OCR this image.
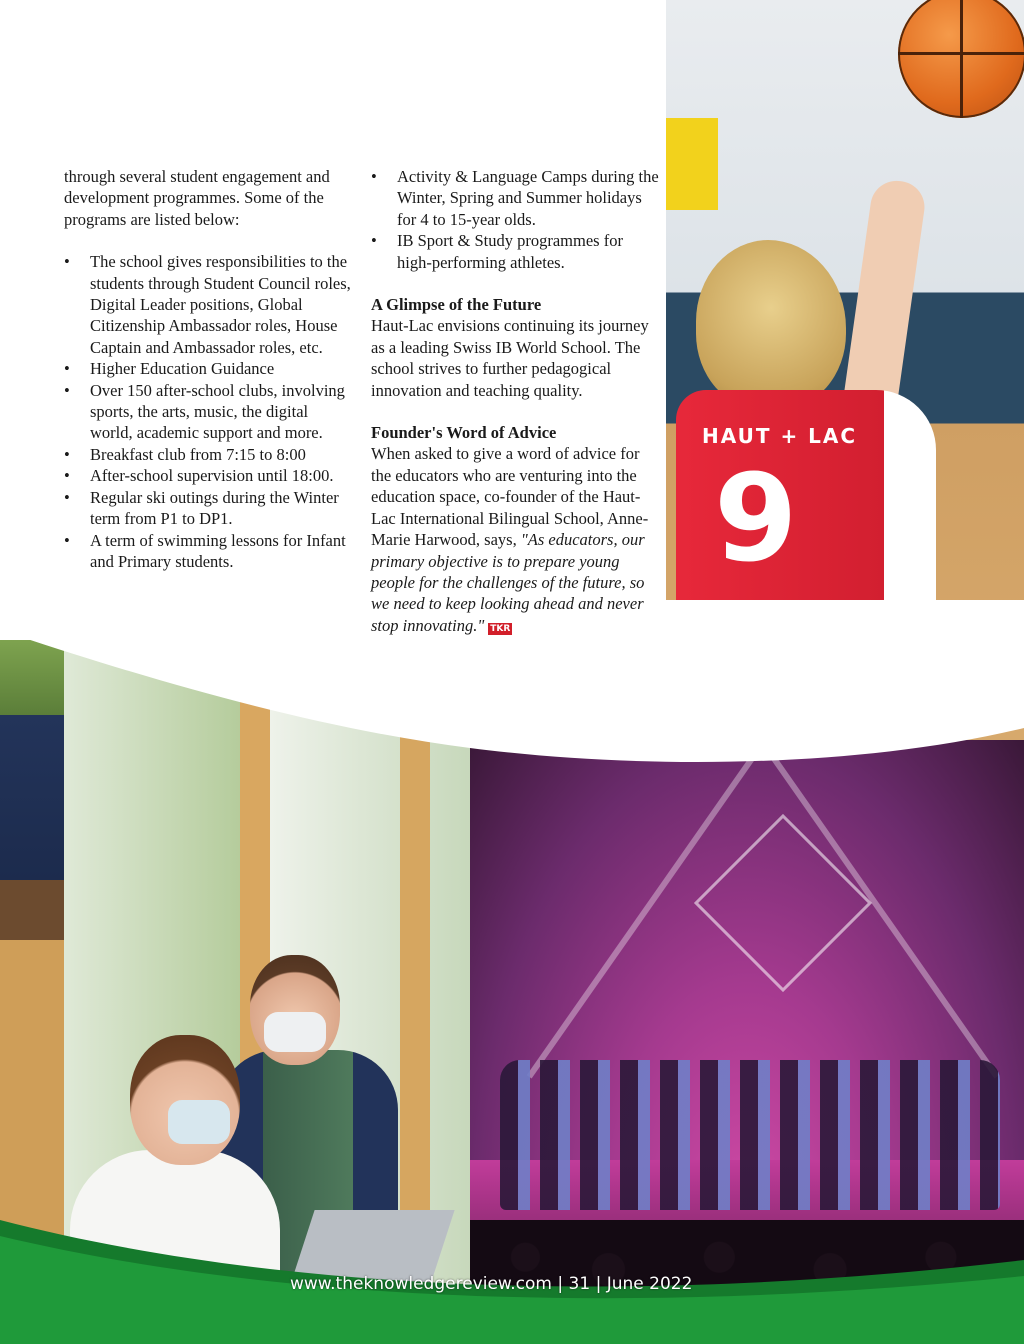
HAUT + LAC
9

through several student engagement and development programmes. Some of the programs are listed below:

• The school gives responsibilities to the students through Student Council roles, Digital Leader positions, Global Citizenship Ambassador roles, House Captain and Ambassador roles, etc.
• Higher Education Guidance
• Over 150 after-school clubs, involving sports, the arts, music, the digital world, academic support and more.
• Breakfast club from 7:15 to 8:00
• After-school supervision until 18:00.
• Regular ski outings during the Winter term from P1 to DP1.
• A term of swimming lessons for Infant and Primary students.
• Activity & Language Camps during the Winter, Spring and Summer holidays for 4 to 15-year olds.
• IB Sport & Study programmes for high-performing athletes.

A Glimpse of the Future

Haut-Lac envisions continuing its journey as a leading Swiss IB World School. The school strives to further pedagogical innovation and teaching quality.

Founder's Word of Advice

When asked to give a word of advice for the educators who are venturing into the education space, co-founder of the Haut-Lac International Bilingual School, Anne-Marie Harwood, says, "As educators, our primary objective is to prepare young people for the challenges of the future, so we need to keep looking ahead and never stop innovating." TKR

www.theknowledgereview.com | 31 | June 2022
